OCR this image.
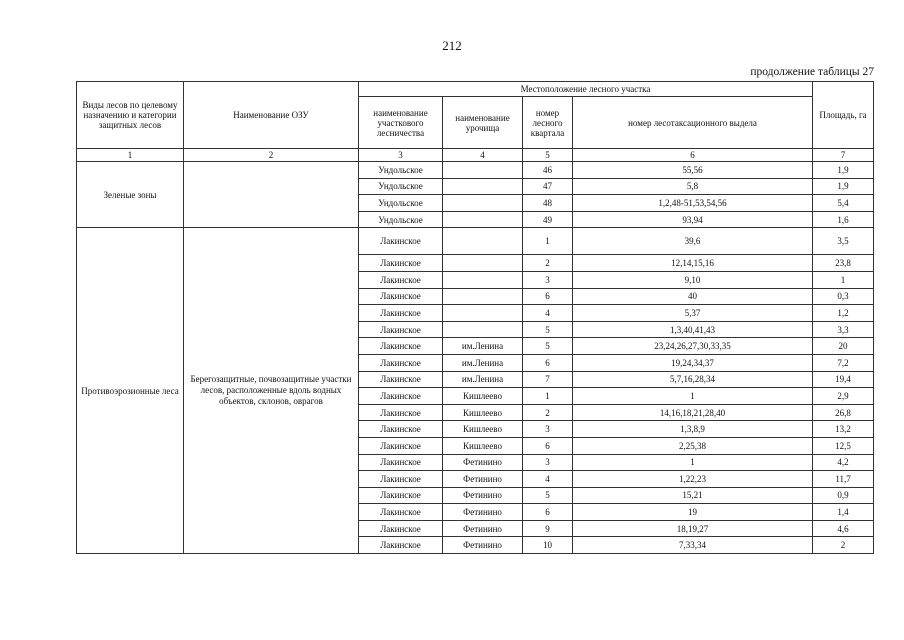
212
продолжение таблицы 27
Виды лесов по целевому назначению и категории защитных лесов	Наименование ОЗУ	Местоположение лесного участка				Площадь, га
		наименование участкового лесничества	наименование урочища	номер лесного квартала	номер лесотаксационного выдела	
1	2	3	4	5	6	7
Зеленые зоны		Ундольское		46	55,56	1,9
		Ундольское		47	5,8	1,9
		Ундольское		48	1,2,48-51,53,54,56	5,4
		Ундольское		49	93,94	1,6
Противоэрозионные леса	Берегозащитные, почвозащитные участки лесов, расположенные вдоль водных объектов, склонов, оврагов	Лакинское		1	39,6	3,5
		Лакинское		2	12,14,15,16	23,8
		Лакинское		3	9,10	1
		Лакинское		6	40	0,3
		Лакинское		4	5,37	1,2
		Лакинское		5	1,3,40,41,43	3,3
		Лакинское	им.Ленина	5	23,24,26,27,30,33,35	20
		Лакинское	им.Ленина	6	19,24,34,37	7,2
		Лакинское	им.Ленина	7	5,7,16,28,34	19,4
		Лакинское	Кишлеево	1	1	2,9
		Лакинское	Кишлеево	2	14,16,18,21,28,40	26,8
		Лакинское	Кишлеево	3	1,3,8,9	13,2
		Лакинское	Кишлеево	6	2,25,38	12,5
		Лакинское	Фетинино	3	1	4,2
		Лакинское	Фетинино	4	1,22,23	11,7
		Лакинское	Фетинино	5	15,21	0,9
		Лакинское	Фетинино	6	19	1,4
		Лакинское	Фетинино	9	18,19,27	4,6
		Лакинское	Фетинино	10	7,33,34	2
